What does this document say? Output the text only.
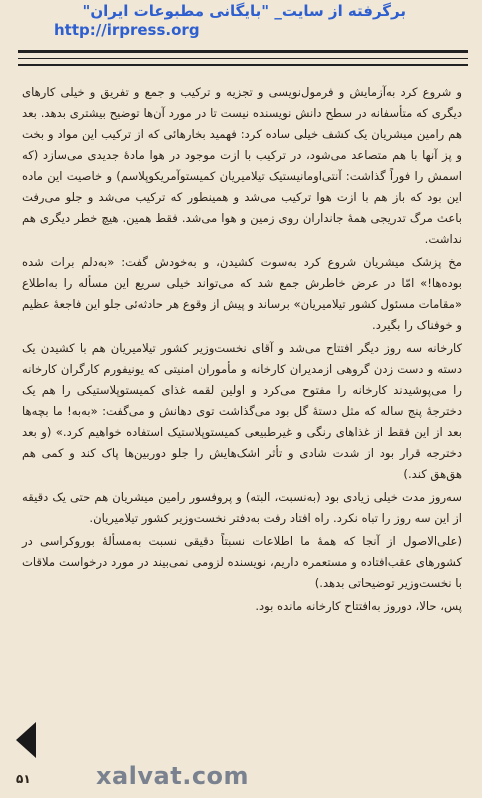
برگرفته از سایت_ "بایگانی مطبوعات ایران"
http://irpress.org

و شروع کرد به‌آزمایش و فرمول‌نویسی و تجزیه و ترکیب و جمع و تفریق و خیلی کارهای دیگری که متأسفانه در سطح دانش نویسنده نیست تا در مورد آن‌ها توضیح بیشتری بدهد. بعد هم رامین میشریان یک کشف خیلی ساده کرد: فهمید بخارهائی که از ترکیب این مواد و بخت و پز آنها با هم متصاعد می‌شود، در ترکیب با ازت موجود در هوا مادهٔ جدیدی می‌سازد (که اسمش را فوراً گذاشت: آنتی‌اومانیستیک تیلامیریان کمیستوآمریکوپلاسم) و خاصیت این ماده این بود که باز هم با ازت هوا ترکیب می‌شد و همینطور که ترکیب می‌شد و جلو می‌رفت باعث مرگ تدریجی همهٔ جانداران روی زمین و هوا می‌شد. فقط همین. هیچ خطر دیگری هم نداشت.

مخ پزشک میشریان شروع کرد به‌سوت کشیدن، و به‌خودش گفت: «به‌دلم برات شده بوده‌ها!» امّا در عرض خاطرش جمع شد که می‌تواند خیلی سریع این مسأله را به‌اطلاع «مقامات مسئول کشور تیلامیریان» برساند و پیش از وقوع هر حادثه‌ئی جلو این فاجعهٔ عظیم و خوفناک را بگیرد.

کارخانه سه روز دیگر افتتاح می‌شد و آقای نخست‌وزیر کشور تیلامیریان هم با کشیدن یک دسته و دست زدن گروهی ازمدیران کارخانه و مأموران امنیتی که یونیفورم کارگران کارخانه را می‌پوشیدند کارخانه را مفتوح می‌کرد و اولین لقمه غذای کمیستوپلاستیکی را هم یک دخترجهٔ پنج ساله که مثل دستهٔ گل بود می‌گذاشت توی دهانش و می‌گفت: «به‌به! ما بچه‌ها بعد از این فقط از غذاهای رنگی و غیرطبیعی کمیستوپلاستیک استفاده خواهیم کرد.» (و بعد دخترجه قرار بود از شدت شادی و تأثر اشک‌هایش را جلو دوربین‌ها پاک کند و کمی هم هق‌هق کند.)

سه‌روز مدت خیلی زیادی بود (به‌نسبت، البته) و پروفسور رامین میشریان هم حتی یک دقیقه از این سه روز را تباه نکرد. راه افتاد رفت به‌دفتر نخست‌وزیر کشور تیلامیریان.

(علی‌الاصول از آنجا که همهٔ ما اطلاعات نسبتاً دقیقی نسبت به‌مسألهٔ بوروکراسی در کشورهای عقب‌افتاده و مستعمره داریم، نویسنده لزومی نمی‌بیند در مورد درخواست ملاقات با نخست‌وزیر توضیحاتی بدهد.)

پس، حالا، دوروز به‌افتتاح کارخانه مانده بود.

۵۱	xalvat.com
